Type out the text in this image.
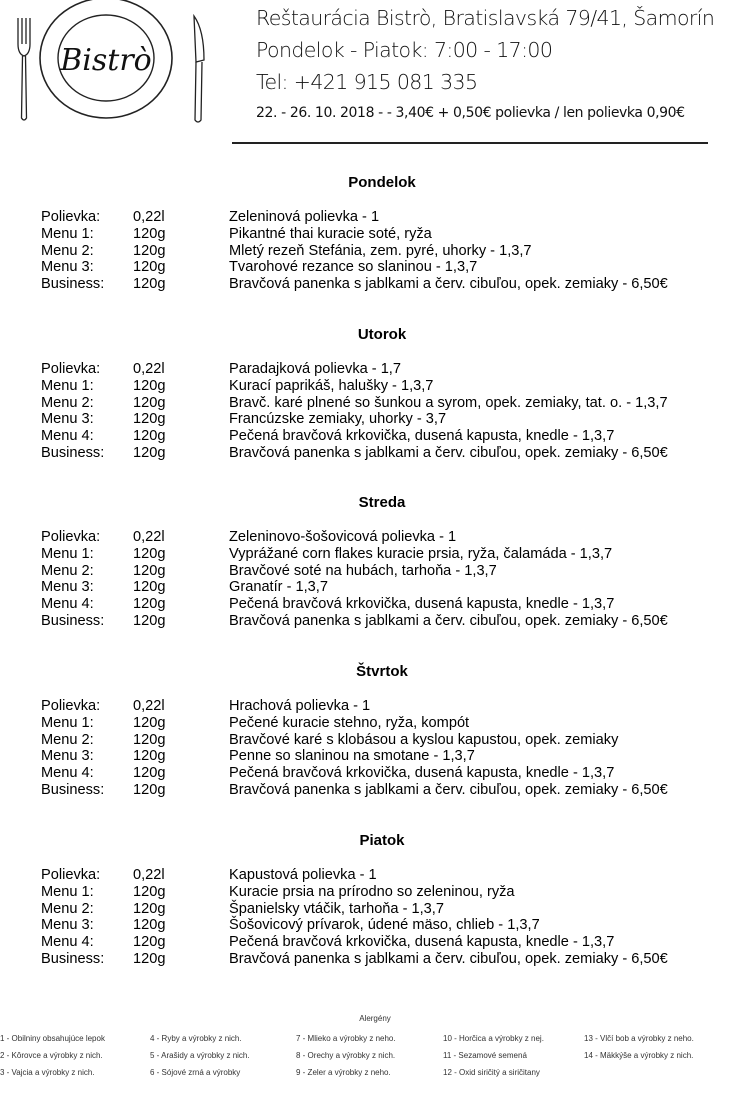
Bistrò
Reštaurácia Bistrò, Bratislavská 79/41, Šamorín
Pondelok - Piatok: 7:00 - 17:00
Tel: +421 915 081 335
22. - 26. 10. 2018 - - 3,40€ + 0,50€ polievka / len polievka 0,90€
Pondelok
Polievka: 0,22l	Zeleninová polievka - 1
Menu 1:	120g	Pikantné thai kuracie soté, ryža
Menu 2:	120g	Mletý rezeň Stefánia, zem. pyré, uhorky - 1,3,7
Menu 3:	120g	Tvarohové rezance so slaninou - 1,3,7
Business: 120g	Bravčová panenka s jablkami a červ. cibuľou, opek. zemiaky - 6,50€
Utorok
Polievka: 0,22l	Paradajková polievka - 1,7
Menu 1:	120g	Kurací paprikáš, halušky - 1,3,7
Menu 2:	120g	Bravč. karé plnené so šunkou a syrom, opek. zemiaky, tat. o. - 1,3,7
Menu 3:	120g	Francúzske zemiaky, uhorky - 3,7
Menu 4:	120g	Pečená bravčová krkovička, dusená kapusta, knedle - 1,3,7
Business: 120g	Bravčová panenka s jablkami a červ. cibuľou, opek. zemiaky - 6,50€
Streda
Polievka: 0,22l	Zeleninovo-šošovicová polievka - 1
Menu 1:	120g	Vyprážané corn flakes kuracie prsia, ryža, čalamáda - 1,3,7
Menu 2:	120g	Bravčové soté na hubách, tarhoňa - 1,3,7
Menu 3:	120g	Granatír - 1,3,7
Menu 4:	120g	Pečená bravčová krkovička, dusená kapusta, knedle - 1,3,7
Business: 120g	Bravčová panenka s jablkami a červ. cibuľou, opek. zemiaky - 6,50€
Štvrtok
Polievka: 0,22l	Hrachová polievka - 1
Menu 1:	120g	Pečené kuracie stehno, ryža, kompót
Menu 2:	120g	Bravčové karé s klobásou a kyslou kapustou, opek. zemiaky
Menu 3:	120g	Penne so slaninou na smotane - 1,3,7
Menu 4:	120g	Pečená bravčová krkovička, dusená kapusta, knedle - 1,3,7
Business: 120g	Bravčová panenka s jablkami a červ. cibuľou, opek. zemiaky - 6,50€
Piatok
Polievka: 0,22l	Kapustová polievka - 1
Menu 1:	120g	Kuracie prsia na prírodno so zeleninou, ryža
Menu 2:	120g	Španielsky vtáčik, tarhoňa - 1,3,7
Menu 3:	120g	Šošovicový prívarok, údené mäso, chlieb - 1,3,7
Menu 4:	120g	Pečená bravčová krkovička, dusená kapusta, knedle - 1,3,7
Business: 120g	Bravčová panenka s jablkami a červ. cibuľou, opek. zemiaky - 6,50€
Alergény
1 - Obilniny obsahujúce lepok
2 - Kôrovce a výrobky z nich.
3 - Vajcia a výrobky z nich.
4 - Ryby a výrobky z nich.
5 - Arašidy a výrobky z nich.
6 - Sójové zrná a výrobky
7 - Mlieko a výrobky z neho.
8 - Orechy a výrobky z nich.
9 - Zeler a výrobky z neho.
10 - Horčica a výrobky z nej.
11 - Sezamové semená
12 - Oxid siričitý a siričitany
13 - Vlčí bob a výrobky z neho.
14 - Mäkkýše a výrobky z nich.
